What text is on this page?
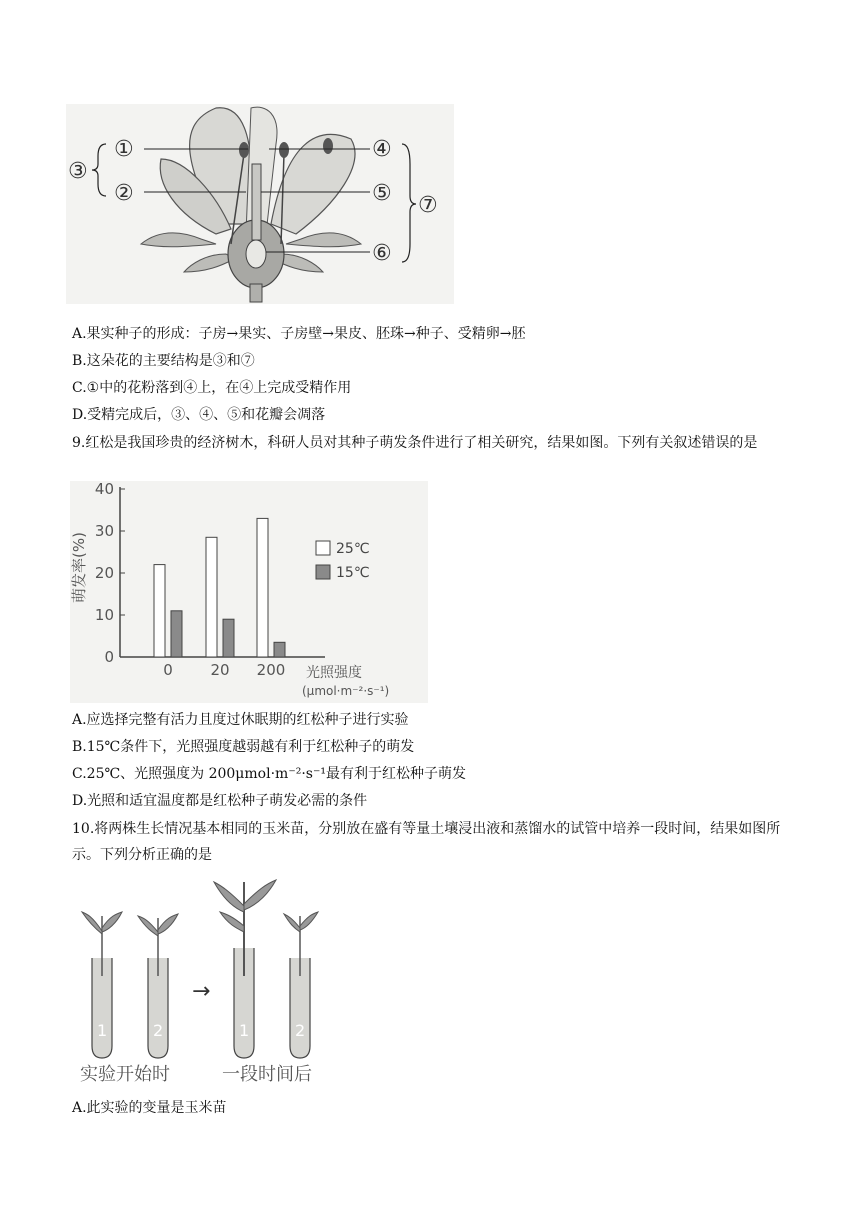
①
②
③
④
⑤
⑥
⑦
A.果实种子的形成：子房→果实、子房壁→果皮、胚珠→种子、受精卵→胚
B.这朵花的主要结构是③和⑦
C.①中的花粉落到④上，在④上完成受精作用
D.受精完成后，③、④、⑤和花瓣会凋落
9.红松是我国珍贵的经济树木，科研人员对其种子萌发条件进行了相关研究，结果如图。下列有关叙述错误的是
0
10
20
30
40
0	20 200
萌发率(%)	25℃
15℃
光照强度
(μmol·m⁻²·s⁻¹)
A.应选择完整有活力且度过休眠期的红松种子进行实验
B.15℃条件下，光照强度越弱越有利于红松种子的萌发
C.25℃、光照强度为 200μmol·m⁻²·s⁻¹最有利于红松种子萌发
D.光照和适宜温度都是红松种子萌发必需的条件
10.将两株生长情况基本相同的玉米苗，分别放在盛有等量土壤浸出液和蒸馏水的试管中培养一段时间，结果如图所示。下列分析正确的是
1	2
→
1	2
实验开始时	一段时间后
A.此实验的变量是玉米苗
